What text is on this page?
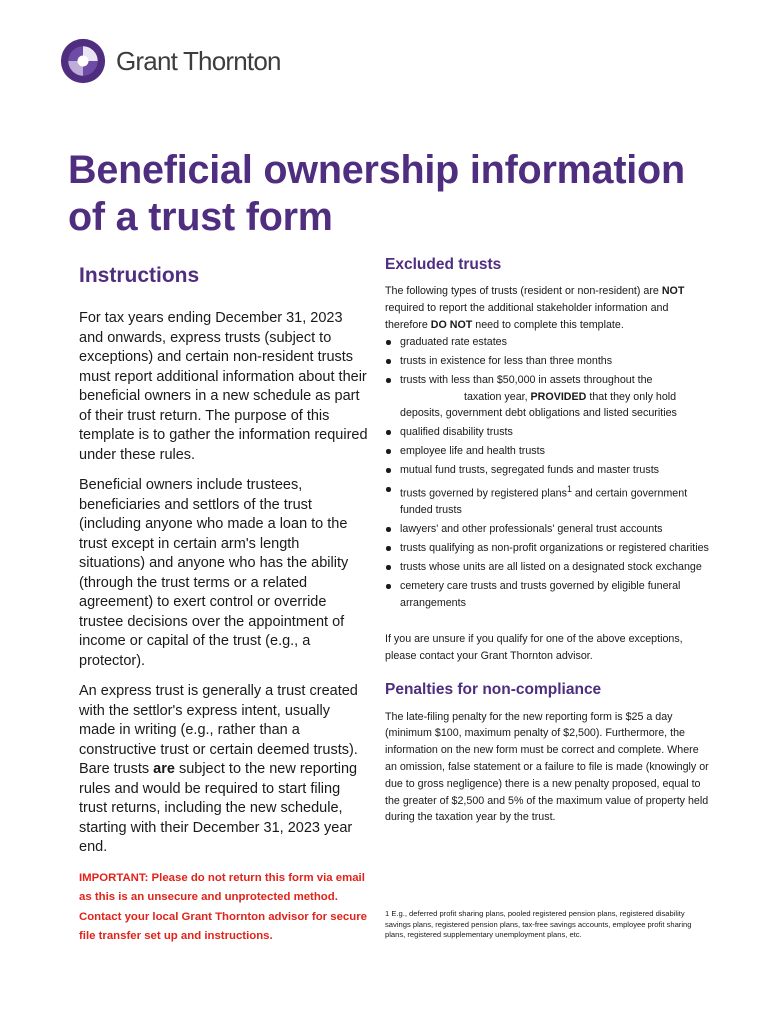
Grant Thornton
Beneficial ownership information of a trust form
Instructions

For tax years ending December 31, 2023 and onwards, express trusts (subject to exceptions) and certain non-resident trusts must report additional information about their beneficial owners in a new schedule as part of their trust return. The purpose of this template is to gather the information required under these rules.

Beneficial owners include trustees, beneficiaries and settlors of the trust (including anyone who made a loan to the trust except in certain arm's length situations) and anyone who has the ability (through the trust terms or a related agreement) to exert control or override trustee decisions over the appointment of income or capital of the trust (e.g., a protector).

An express trust is generally a trust created with the settlor's express intent, usually made in writing (e.g., rather than a constructive trust or certain deemed trusts). Bare trusts are subject to the new reporting rules and would be required to start filing trust returns, including the new schedule, starting with their December 31, 2023 year end.

IMPORTANT: Please do not return this form via email as this is an unsecure and unprotected method. Contact your local Grant Thornton advisor for secure file transfer set up and instructions.

Excluded trusts

The following types of trusts (resident or non-resident) are NOT required to report the additional stakeholder information and therefore DO NOT need to complete this template.

graduated rate estates
trusts in existence for less than three months
trusts with less than $50,000 in assets throughout the taxation year, PROVIDED that they only hold deposits, government debt obligations and listed securities
qualified disability trusts
employee life and health trusts
mutual fund trusts, segregated funds and master trusts
trusts governed by registered plans$^1$ and certain government funded trusts
lawyers' and other professionals' general trust accounts
trusts qualifying as non-profit organizations or registered charities
trusts whose units are all listed on a designated stock exchange
cemetery care trusts and trusts governed by eligible funeral arrangements

If you are unsure if you qualify for one of the above exceptions, please contact your Grant Thornton advisor.

Penalties for non-compliance

The late-filing penalty for the new reporting form is $25 a day (minimum $100, maximum penalty of $2,500). Furthermore, the information on the new form must be correct and complete. Where an omission, false statement or a failure to file is made (knowingly or due to gross negligence) there is a new penalty proposed, equal to the greater of $2,500 and 5% of the maximum value of property held during the taxation year by the trust.

1 E.g., deferred profit sharing plans, pooled registered pension plans, registered disability savings plans, registered pension plans, tax-free savings accounts, employee profit sharing plans, registered supplementary unemployment plans, etc.
